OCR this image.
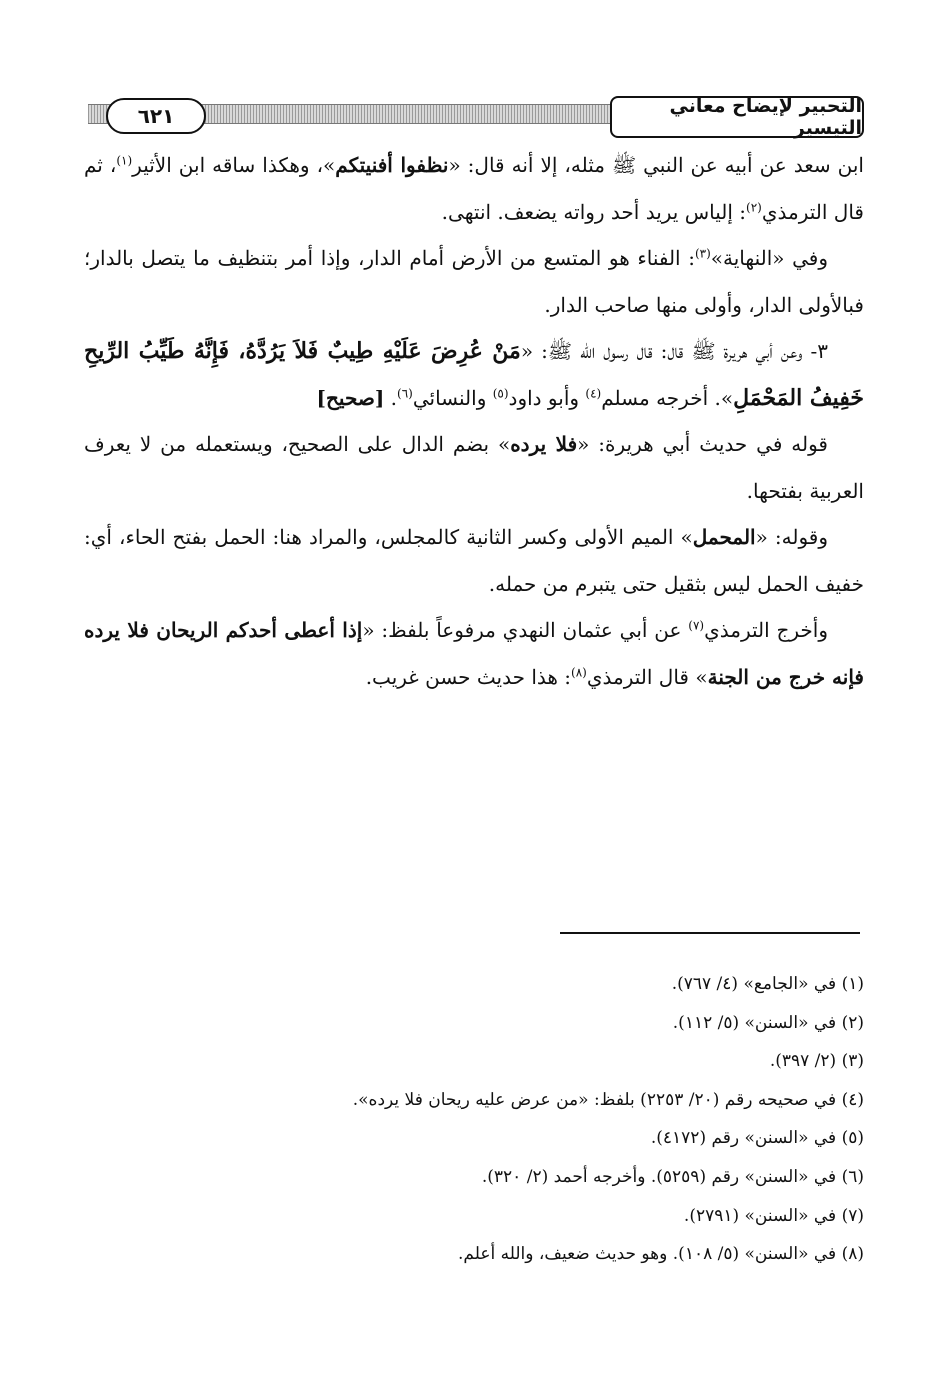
التحبير لإيضاح معاني التيسير
٦٢١

ابن سعد عن أبيه عن النبي ﷺ مثله، إلا أنه قال: «نظفوا أفنيتكم»، وهكذا ساقه ابن الأثير$^{(١)}$، ثم قال الترمذي$^{(٢)}$: إلياس يريد أحد رواته يضعف. انتهى.

وفي «النهاية»$^{(٣)}$: الفناء هو المتسع من الأرض أمام الدار، وإذا أمر بتنظيف ما يتصل بالدار؛ فبالأولى الدار، وأولى منها صاحب الدار.

٣- وعن أبي هريرة ﷺ قال: قال رسول الله ﷺ: «مَنْ عُرِضَ عَلَيْهِ طِيبٌ فَلاَ يَرُدَّهُ، فَإِنَّهُ طَيِّبُ الرِّيحِ خَفِيفُ المَحْمَلِ». أخرجه مسلم$^{(٤)}$ وأبو داود$^{(٥)}$ والنسائي$^{(٦)}$. [صحيح]

قوله في حديث أبي هريرة: «فلا يرده» بضم الدال على الصحيح، ويستعمله من لا يعرف العربية بفتحها.

وقوله: «المحمل» الميم الأولى وكسر الثانية كالمجلس، والمراد هنا: الحمل بفتح الحاء، أي: خفيف الحمل ليس بثقيل حتى يتبرم من حمله.

وأخرج الترمذي$^{(٧)}$ عن أبي عثمان النهدي مرفوعاً بلفظ: «إذا أعطى أحدكم الريحان فلا يرده فإنه خرج من الجنة» قال الترمذي$^{(٨)}$: هذا حديث حسن غريب.

(١) في «الجامع» (٤/ ٧٦٧).
(٢) في «السنن» (٥/ ١١٢).
(٣) (٢/ ٣٩٧).
(٤) في صحيحه رقم (٢٠/ ٢٢٥٣) بلفظ: «من عرض عليه ريحان فلا يرده».
(٥) في «السنن» رقم (٤١٧٢).
(٦) في «السنن» رقم (٥٢٥٩). وأخرجه أحمد (٢/ ٣٢٠).
(٧) في «السنن» (٢٧٩١).
(٨) في «السنن» (٥/ ١٠٨). وهو حديث ضعيف، والله أعلم.
